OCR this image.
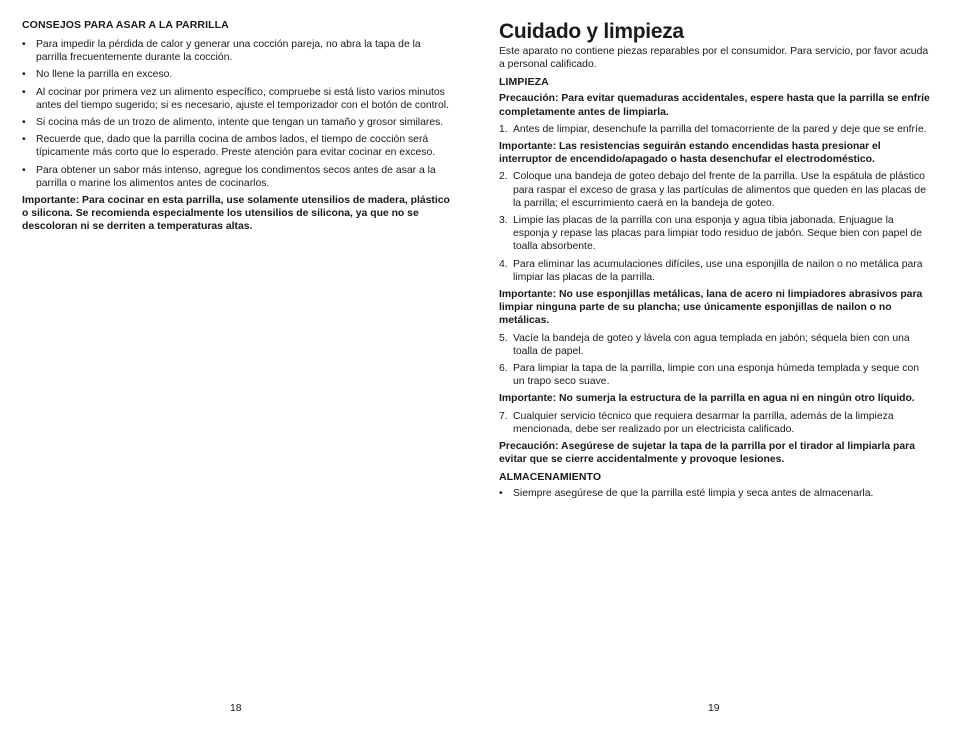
CONSEJOS PARA ASAR A LA PARRILLA
• Para impedir la pérdida de calor y generar una cocción pareja, no abra la tapa de la parrilla frecuentemente durante la cocción.
• No llene la parrilla en exceso.
• Al cocinar por primera vez un alimento específico, compruebe si está listo varios minutos antes del tiempo sugerido; si es necesario, ajuste el temporizador con el botón de control.
• Si cocina más de un trozo de alimento, intente que tengan un tamaño y grosor similares.
• Recuerde que, dado que la parrilla cocina de ambos lados, el tiempo de cocción será típicamente más corto que lo esperado. Preste atención para evitar cocinar en exceso.
• Para obtener un sabor más intenso, agregue los condimentos secos antes de asar a la parrilla o marine los alimentos antes de cocinarlos.

Importante: Para cocinar en esta parrilla, use solamente utensilios de madera, plástico o silicona. Se recomienda especialmente los utensilios de silicona, ya que no se descoloran ni se derriten a temperaturas altas.

18
Cuidado y limpieza

Este aparato no contiene piezas reparables por el consumidor. Para servicio, por favor acuda a personal calificado.

LIMPIEZA

Precaución: Para evitar quemaduras accidentales, espere hasta que la parrilla se enfríe completamente antes de limpiarla.

1. Antes de limpiar, desenchufe la parrilla del tomacorriente de la pared y deje que se enfríe.

Importante: Las resistencias seguirán estando encendidas hasta presionar el interruptor de encendido/apagado o hasta desenchufar el electrodoméstico.

2. Coloque una bandeja de goteo debajo del frente de la parrilla. Use la espátula de plástico para raspar el exceso de grasa y las partículas de alimentos que queden en las placas de la parrilla; el escurrimiento caerá en la bandeja de goteo.
3. Limpie las placas de la parrilla con una esponja y agua tibia jabonada. Enjuague la esponja y repase las placas para limpiar todo residuo de jabón. Seque bien con papel de toalla absorbente.
4. Para eliminar las acumulaciones difíciles, use una esponjilla de nailon o no metálica para limpiar las placas de la parrilla.

Importante: No use esponjillas metálicas, lana de acero ni limpiadores abrasivos para limpiar ninguna parte de su plancha; use únicamente esponjillas de nailon o no metálicas.

5. Vacíe la bandeja de goteo y lávela con agua templada en jabón; séquela bien con una toalla de papel.
6. Para limpiar la tapa de la parrilla, limpie con una esponja húmeda templada y seque con un trapo seco suave.

Importante: No sumerja la estructura de la parrilla en agua ni en ningún otro líquido.

7. Cualquier servicio técnico que requiera desarmar la parrilla, además de la limpieza mencionada, debe ser realizado por un electricista calificado.

Precaución: Asegúrese de sujetar la tapa de la parrilla por el tirador al limpiarla para evitar que se cierre accidentalmente y provoque lesiones.

ALMACENAMIENTO
• Siempre asegúrese de que la parrilla esté limpia y seca antes de almacenarla.
19
